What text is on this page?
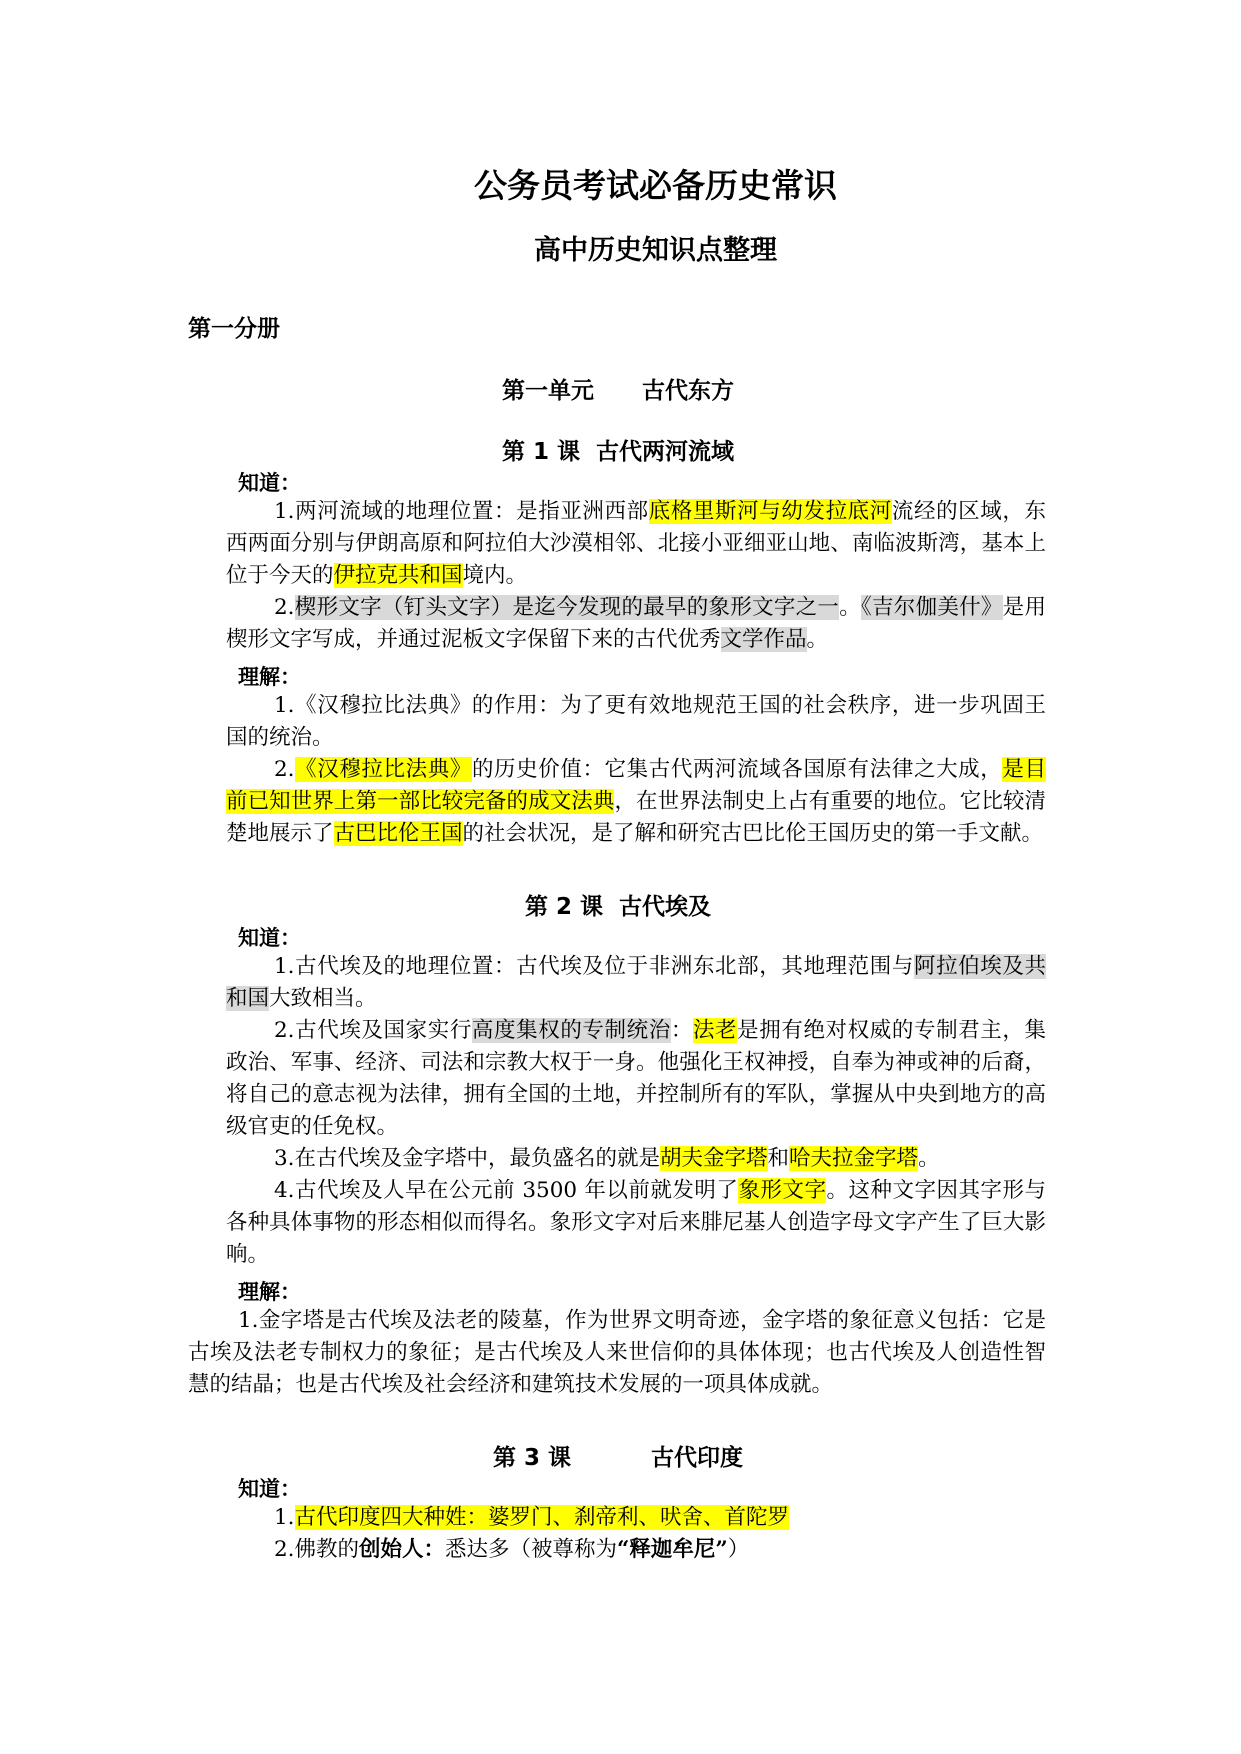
公务员考试必备历史常识
高中历史知识点整理
第一分册
第一单元      古代东方
第 1 课  古代两河流域
知道：
1.两河流域的地理位置：是指亚洲西部底格里斯河与幼发拉底河流经的区域，东西两面分别与伊朗高原和阿拉伯大沙漠相邻、北接小亚细亚山地、南临波斯湾，基本上位于今天的伊拉克共和国境内。
2.楔形文字（钉头文字）是迄今发现的最早的象形文字之一。《吉尔伽美什》是用楔形文字写成，并通过泥板文字保留下来的古代优秀文学作品。
理解：
1.《汉穆拉比法典》的作用：为了更有效地规范王国的社会秩序，进一步巩固王国的统治。
2.《汉穆拉比法典》的历史价值：它集古代两河流域各国原有法律之大成，是目前已知世界上第一部比较完备的成文法典，在世界法制史上占有重要的地位。它比较清楚地展示了古巴比伦王国的社会状况，是了解和研究古巴比伦王国历史的第一手文献。
第 2 课  古代埃及
知道：
1.古代埃及的地理位置：古代埃及位于非洲东北部，其地理范围与阿拉伯埃及共和国大致相当。
2.古代埃及国家实行高度集权的专制统治：法老是拥有绝对权威的专制君主，集政治、军事、经济、司法和宗教大权于一身。他强化王权神授，自奉为神或神的后裔，将自己的意志视为法律，拥有全国的土地，并控制所有的军队，掌握从中央到地方的高级官吏的任免权。
3.在古代埃及金字塔中，最负盛名的就是胡夫金字塔和哈夫拉金字塔。
4.古代埃及人早在公元前 3500 年以前就发明了象形文字。这种文字因其字形与各种具体事物的形态相似而得名。象形文字对后来腓尼基人创造字母文字产生了巨大影响。
理解：
1.金字塔是古代埃及法老的陵墓，作为世界文明奇迹，金字塔的象征意义包括：它是古埃及法老专制权力的象征；是古代埃及人来世信仰的具体体现；也古代埃及人创造性智慧的结晶；也是古代埃及社会经济和建筑技术发展的一项具体成就。
第 3 课          古代印度
知道：
1.古代印度四大种姓：婆罗门、刹帝利、吠舍、首陀罗
2.佛教的创始人：悉达多（被尊称为“释迦牟尼”）
